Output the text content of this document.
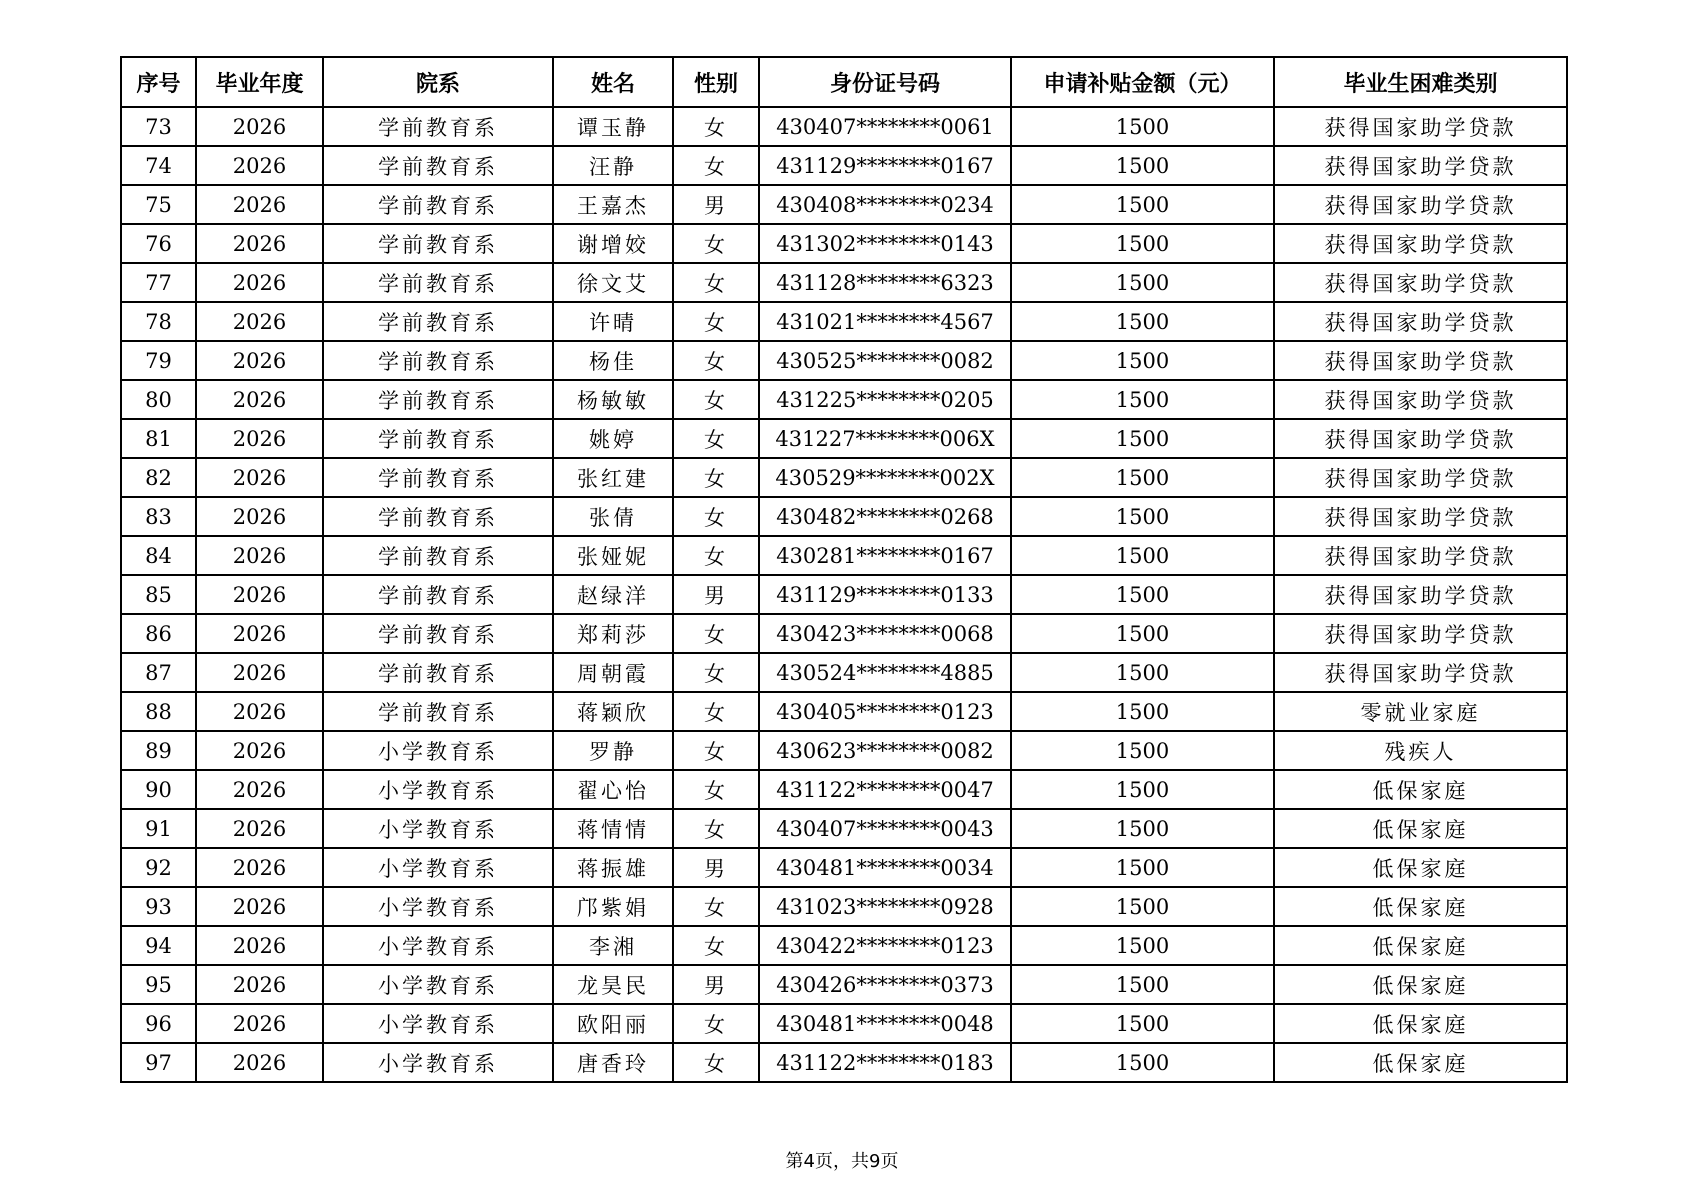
序号	毕业年度	院系	姓名	性别	身份证号码	申请补贴金额（元）	毕业生困难类别
73	2026	学前教育系	谭玉静	女	430407********0061	1500	获得国家助学贷款
74	2026	学前教育系	汪静	女	431129********0167	1500	获得国家助学贷款
75	2026	学前教育系	王嘉杰	男	430408********0234	1500	获得国家助学贷款
76	2026	学前教育系	谢增姣	女	431302********0143	1500	获得国家助学贷款
77	2026	学前教育系	徐文艾	女	431128********6323	1500	获得国家助学贷款
78	2026	学前教育系	许晴	女	431021********4567	1500	获得国家助学贷款
79	2026	学前教育系	杨佳	女	430525********0082	1500	获得国家助学贷款
80	2026	学前教育系	杨敏敏	女	431225********0205	1500	获得国家助学贷款
81	2026	学前教育系	姚婷	女	431227********006X	1500	获得国家助学贷款
82	2026	学前教育系	张红建	女	430529********002X	1500	获得国家助学贷款
83	2026	学前教育系	张倩	女	430482********0268	1500	获得国家助学贷款
84	2026	学前教育系	张娅妮	女	430281********0167	1500	获得国家助学贷款
85	2026	学前教育系	赵绿洋	男	431129********0133	1500	获得国家助学贷款
86	2026	学前教育系	郑莉莎	女	430423********0068	1500	获得国家助学贷款
87	2026	学前教育系	周朝霞	女	430524********4885	1500	获得国家助学贷款
88	2026	学前教育系	蒋颖欣	女	430405********0123	1500	零就业家庭
89	2026	小学教育系	罗静	女	430623********0082	1500	残疾人
90	2026	小学教育系	翟心怡	女	431122********0047	1500	低保家庭
91	2026	小学教育系	蒋情情	女	430407********0043	1500	低保家庭
92	2026	小学教育系	蒋振雄	男	430481********0034	1500	低保家庭
93	2026	小学教育系	邝紫娟	女	431023********0928	1500	低保家庭
94	2026	小学教育系	李湘	女	430422********0123	1500	低保家庭
95	2026	小学教育系	龙昊民	男	430426********0373	1500	低保家庭
96	2026	小学教育系	欧阳丽	女	430481********0048	1500	低保家庭
97	2026	小学教育系	唐香玲	女	431122********0183	1500	低保家庭
第4页，共9页
